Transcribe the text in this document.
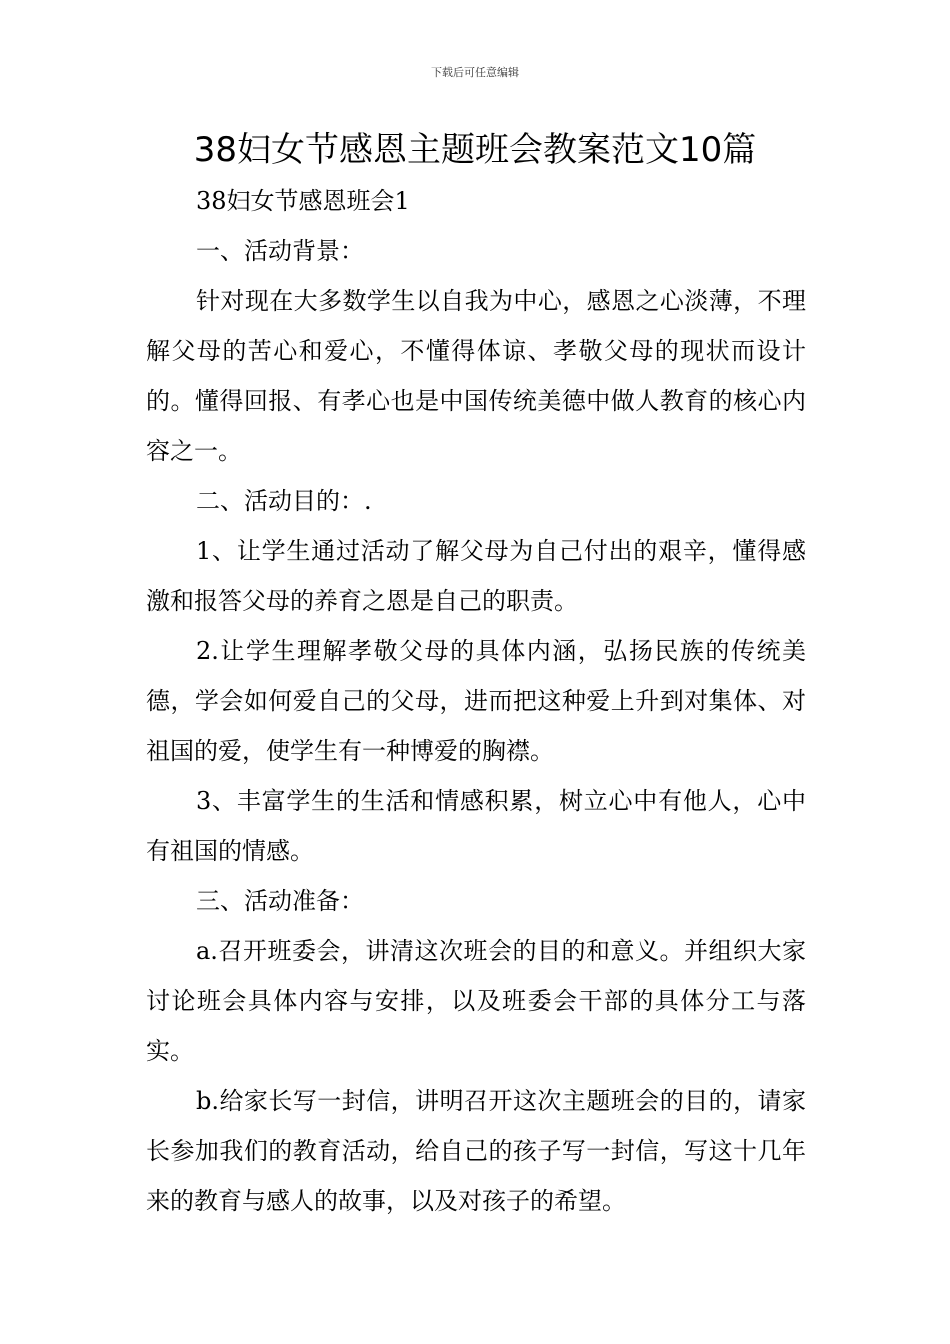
下载后可任意编辑
38妇女节感恩主题班会教案范文10篇

38妇女节感恩班会1

一、活动背景：

针对现在大多数学生以自我为中心，感恩之心淡薄，不理解父母的苦心和爱心，不懂得体谅、孝敬父母的现状而设计的。懂得回报、有孝心也是中国传统美德中做人教育的核心内容之一。

二、活动目的：.

1、让学生通过活动了解父母为自己付出的艰辛，懂得感激和报答父母的养育之恩是自己的职责。

2.让学生理解孝敬父母的具体内涵，弘扬民族的传统美德，学会如何爱自己的父母，进而把这种爱上升到对集体、对祖国的爱，使学生有一种博爱的胸襟。

3、丰富学生的生活和情感积累，树立心中有他人，心中有祖国的情感。

三、活动准备：

a.召开班委会，讲清这次班会的目的和意义。并组织大家讨论班会具体内容与安排，以及班委会干部的具体分工与落实。

b.给家长写一封信，讲明召开这次主题班会的目的，请家长参加我们的教育活动，给自己的孩子写一封信，写这十几年来的教育与感人的故事，以及对孩子的希望。
